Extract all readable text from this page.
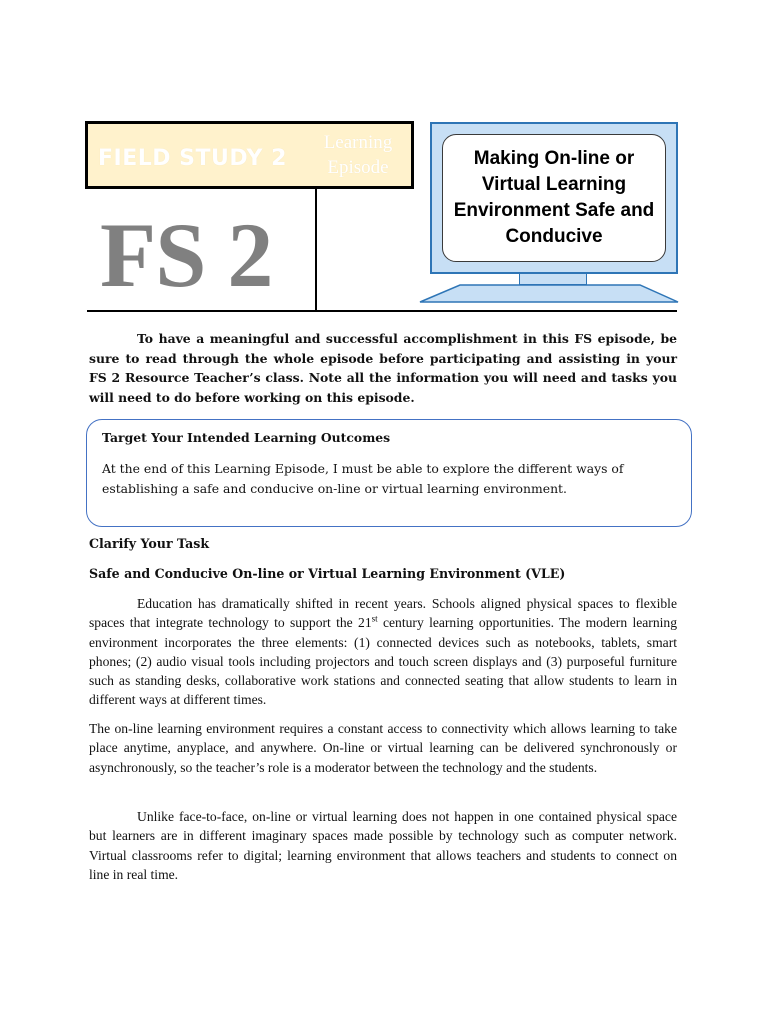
FIELD STUDY 2
Learning Episode
FS 2
Making On-line or Virtual Learning Environment Safe and Conducive
To have a meaningful and successful accomplishment in this FS episode, be sure to read through the whole episode before participating and assisting in your FS 2 Resource Teacher’s class. Note all the information you will need and tasks you will need to do before working on this episode.
Target Your Intended Learning Outcomes
At the end of this Learning Episode, I must be able to explore the different ways of establishing a safe and conducive on-line or virtual learning environment.
Clarify Your Task
Safe and Conducive On-line or Virtual Learning Environment (VLE)
Education has dramatically shifted in recent years. Schools aligned physical spaces to flexible spaces that integrate technology to support the 21st century learning opportunities. The modern learning environment incorporates the three elements: (1) connected devices such as notebooks, tablets, smart phones; (2) audio visual tools including projectors and touch screen displays and (3) purposeful furniture such as standing desks, collaborative work stations and connected seating that allow students to learn in different ways at different times.
The on-line learning environment requires a constant access to connectivity which allows learning to take place anytime, anyplace, and anywhere. On-line or virtual learning can be delivered synchronously or asynchronously, so the teacher’s role is a moderator between the technology and the students.
Unlike face-to-face, on-line or virtual learning does not happen in one contained physical space but learners are in different imaginary spaces made possible by technology such as computer network. Virtual classrooms refer to digital; learning environment that allows teachers and students to connect on line in real time.
